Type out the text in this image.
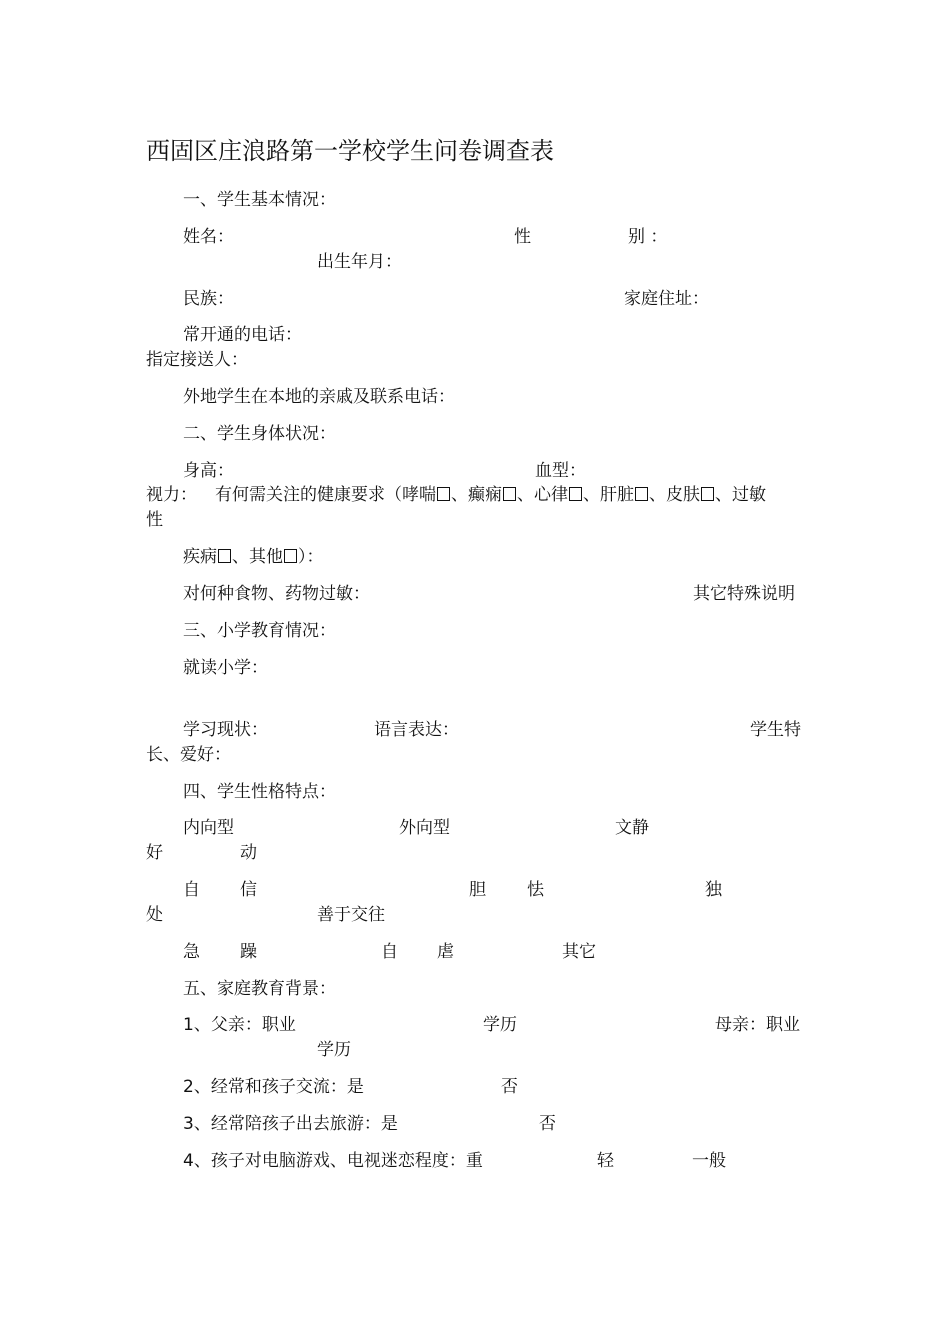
西固区庄浪路第一学校学生问卷调查表
一、学生基本情况：
姓名：	性	别 ：
出生年月：
民族：	家庭住址：
常开通的电话：
指定接送人：
外地学生在本地的亲戚及联系电话：
二、学生身体状况：
身高：	血型：
视力： 有何需关注的健康要求（哮喘 、癫痫 、心律 、肝脏 、皮肤 、过敏
性
疾病 、其他 ）：
对何种食物、药物过敏：	其它特殊说明
三、小学教育情况：
就读小学：
学习现状：	语言表达：	学生特
长、爱好：
四、学生性格特点：
内向型	外向型	文静
好	动
自 信	胆 怯	独
处	善于交往
急 躁	自 虐	其它
五、家庭教育背景：
1、父亲：职业	学历	母亲：职业
学历
2、经常和孩子交流：是	否
3、经常陪孩子出去旅游：是	否
4、孩子对电脑游戏、电视迷恋程度：重	轻	一般
